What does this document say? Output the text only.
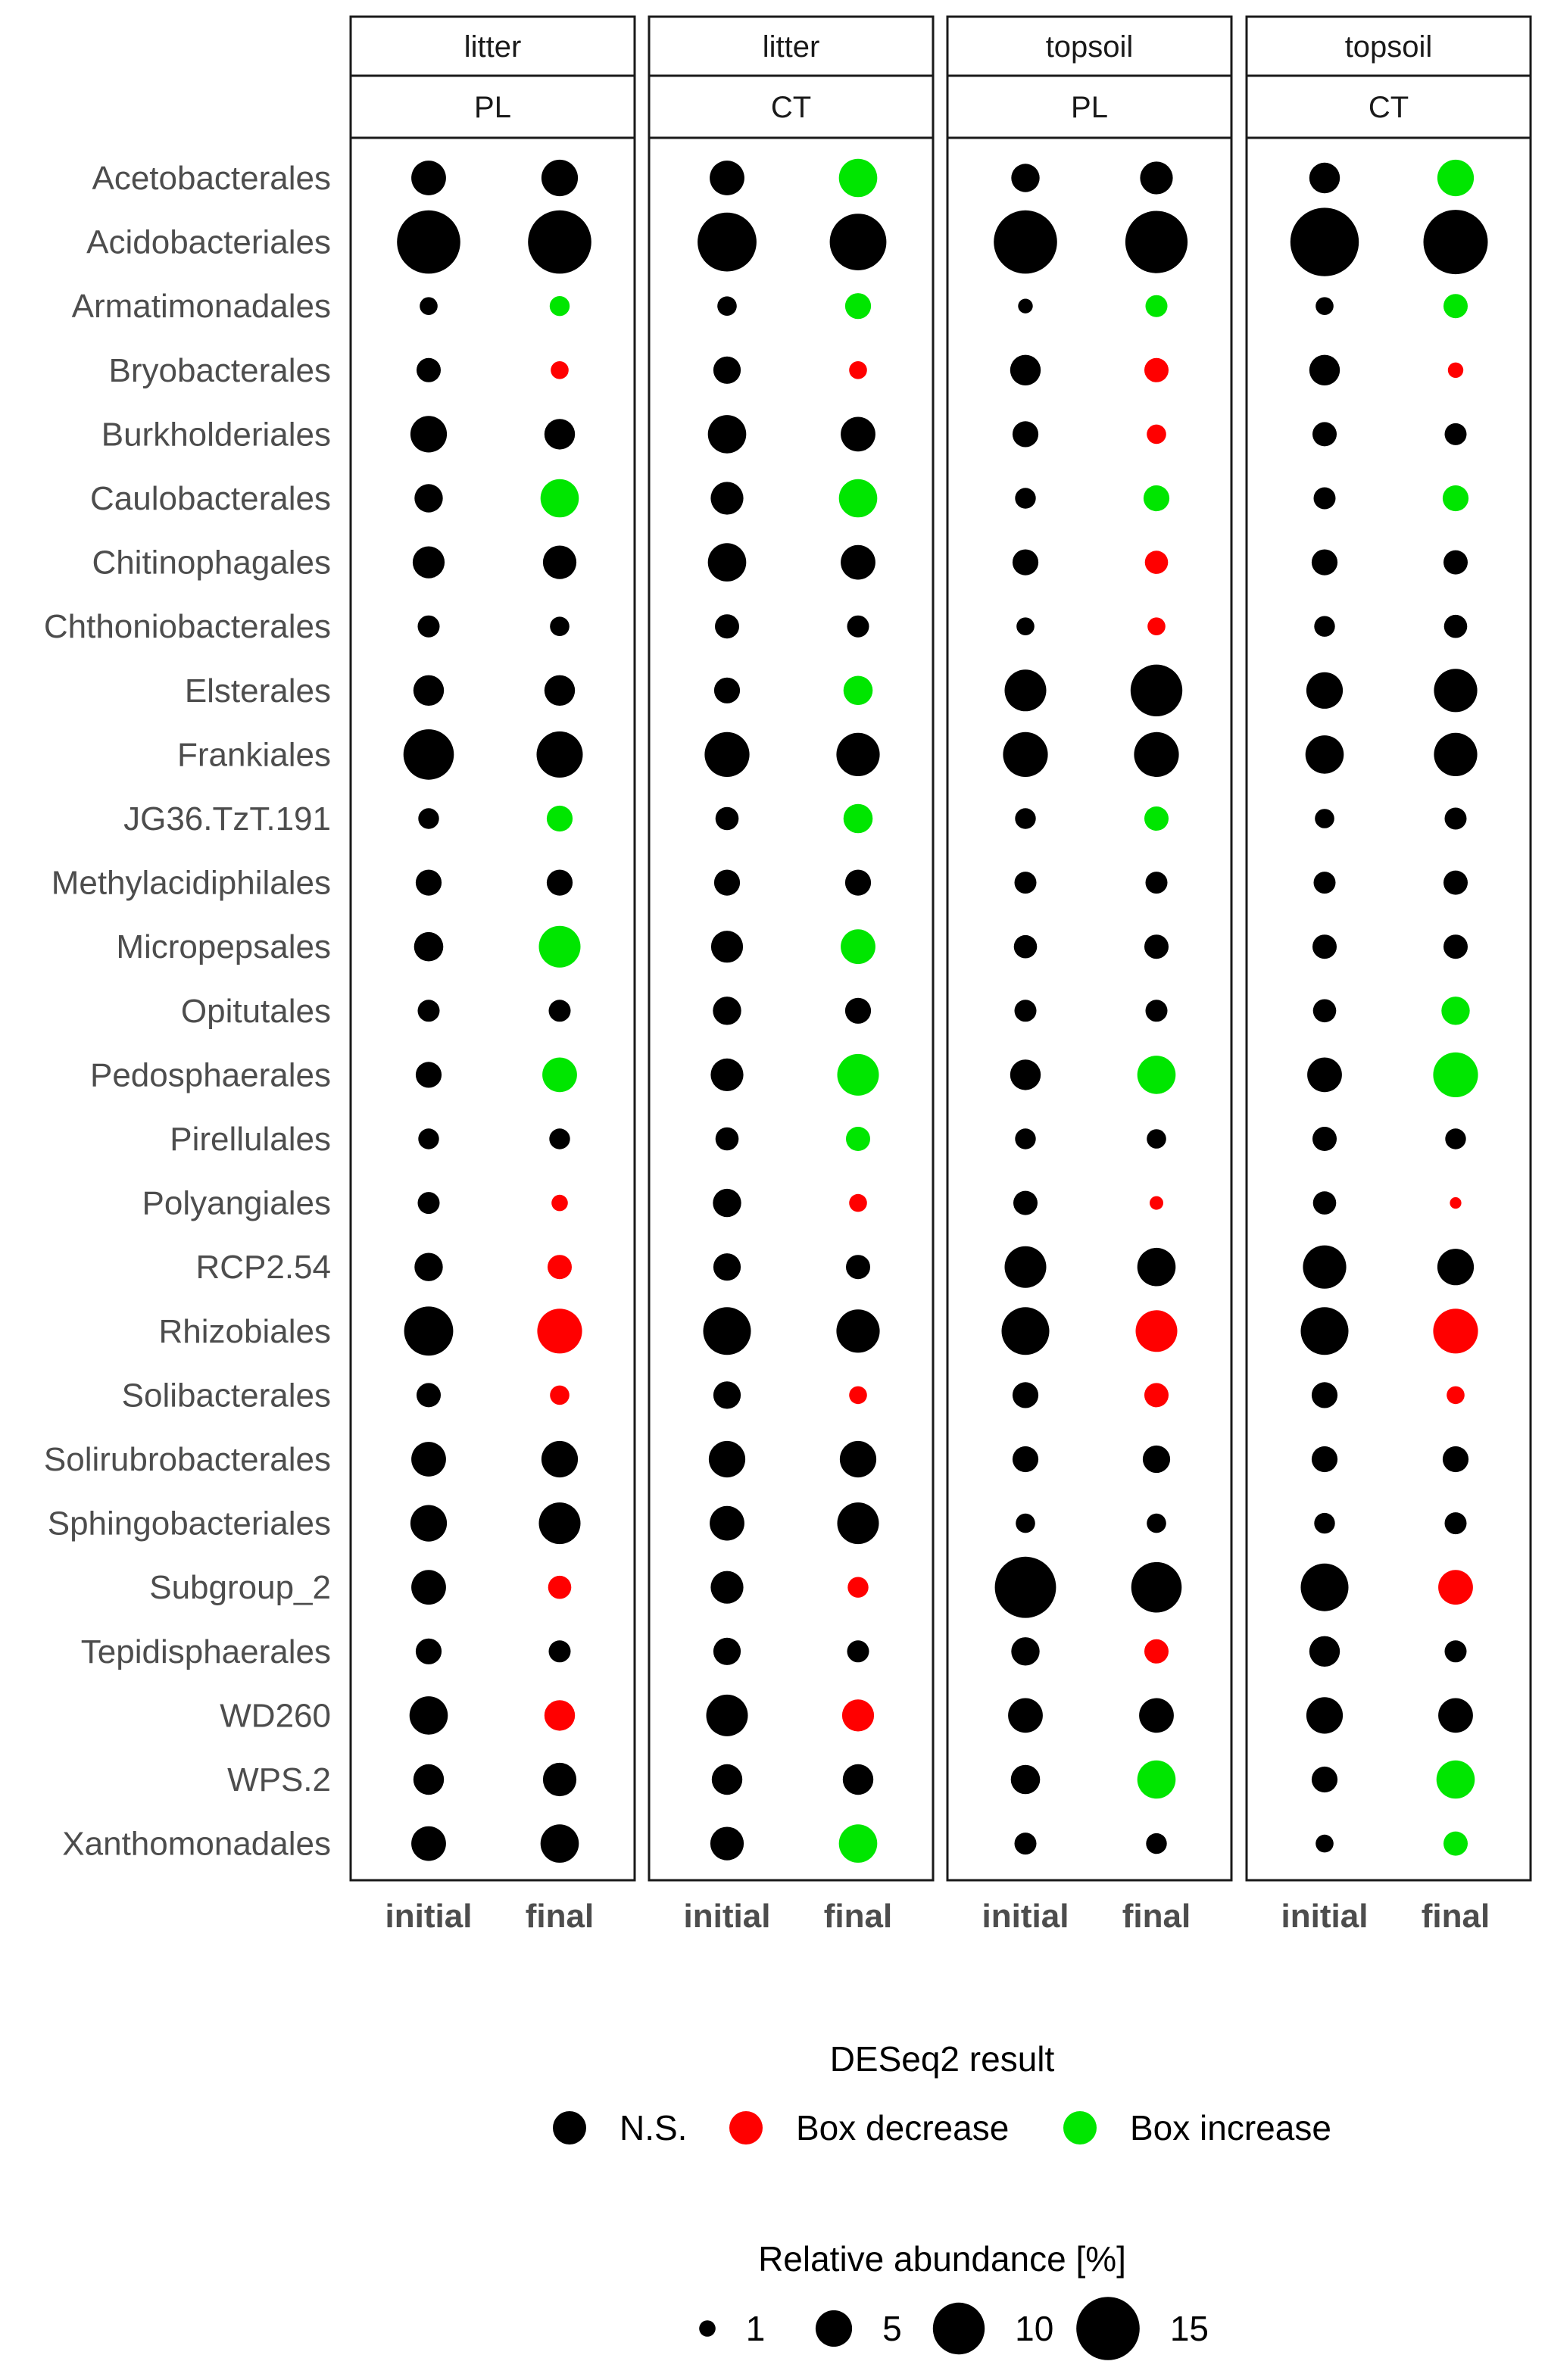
litter
PL
initial final
litter
CT
initial final
topsoil
PL
initial final
topsoil
CT
initial final
Acetobacterales
Acidobacteriales
Armatimonadales
Bryobacterales
Burkholderiales
Caulobacterales
Chitinophagales
Chthoniobacterales
Elsterales
Frankiales
JG36.TzT.191
Methylacidiphilales
Micropepsales
Opitutales
Pedosphaerales
Pirellulales
Polyangiales
RCP2.54
Rhizobiales
Solibacterales
Solirubrobacterales
Sphingobacteriales
Subgroup_2
Tepidisphaerales
WD260
WPS.2
Xanthomonadales
DESeq2 result
N.S.	Box decrease	Box increase
Relative abundance [%]
1	5	10	15
